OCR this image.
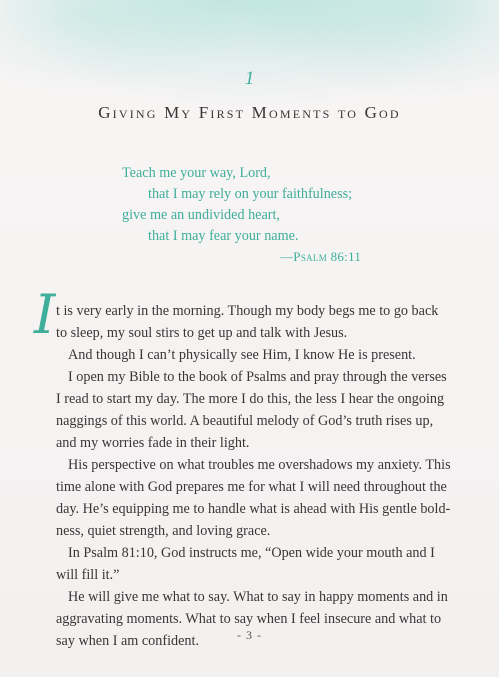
1
Giving My First Moments to God
Teach me your way, Lord,
that I may rely on your faithfulness;
give me an undivided heart,
that I may fear your name.
—Psalm 86:11
I t is very early in the morning. Though my body begs me to go back
to sleep, my soul stirs to get up and talk with Jesus.
And though I can’t physically see Him, I know He is present.
I open my Bible to the book of Psalms and pray through the verses
I read to start my day. The more I do this, the less I hear the ongoing
naggings of this world. A beautiful melody of God’s truth rises up,
and my worries fade in their light.
His perspective on what troubles me overshadows my anxiety. This
time alone with God prepares me for what I will need throughout the
day. He’s equipping me to handle what is ahead with His gentle bold-
ness, quiet strength, and loving grace.
In Psalm 81:10, God instructs me, “Open wide your mouth and I
will fill it.”
He will give me what to say. What to say in happy moments and in
aggravating moments. What to say when I feel insecure and what to
say when I am confident.	- 3 -
